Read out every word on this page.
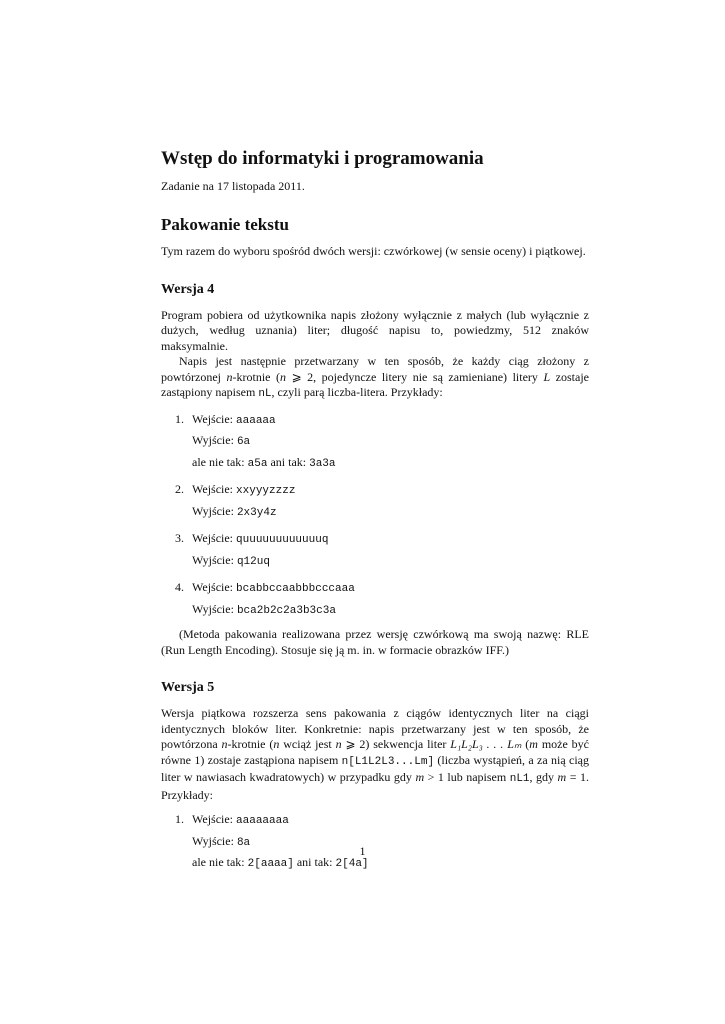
Wstęp do informatyki i programowania
Zadanie na 17 listopada 2011.
Pakowanie tekstu

Tym razem do wyboru spośród dwóch wersji: czwórkowej (w sensie oceny) i piątkowej.

Wersja 4

Program pobiera od użytkownika napis złożony wyłącznie z małych (lub wyłącznie z dużych, według uznania) liter; długość napisu to, powiedzmy, 512 znaków maksymalnie.

Napis jest następnie przetwarzany w ten sposób, że każdy ciąg złożony z powtórzonej n-krotnie (n ⩾ 2, pojedyncze litery nie są zamieniane) litery L zostaje zastąpiony napisem nL, czyli parą liczba-litera. Przykłady:

1. Wejście: aaaaaa
Wyjście: 6a
ale nie tak: a5a ani tak: 3a3a
2. Wejście: xxyyyzzzz
Wyjście: 2x3y4z
3. Wejście: quuuuuuuuuuuuq
Wyjście: q12uq
4. Wejście: bcabbccaabbbcccaaa
Wyjście: bca2b2c2a3b3c3a

(Metoda pakowania realizowana przez wersję czwórkową ma swoją nazwę: RLE (Run Length Encoding). Stosuje się ją m. in. w formacie obrazków IFF.)

Wersja 5

Wersja piątkowa rozszerza sens pakowania z ciągów identycznych liter na ciągi identycznych bloków liter. Konkretnie: napis przetwarzany jest w ten sposób, że powtórzona n-krotnie (n wciąż jest n ⩾ 2) sekwencja liter L₁L₂L₃ . . . Lₘ (m może być równe 1) zostaje zastąpiona napisem n[L1L2L3...Lm] (liczba wystąpień, a za nią ciąg liter w nawiasach kwadratowych) w przypadku gdy m > 1 lub napisem nL1, gdy m = 1. Przykłady:

1. Wejście: aaaaaaaa
Wyjście: 8a
ale nie tak: 2[aaaa] ani tak: 2[4a]
1
